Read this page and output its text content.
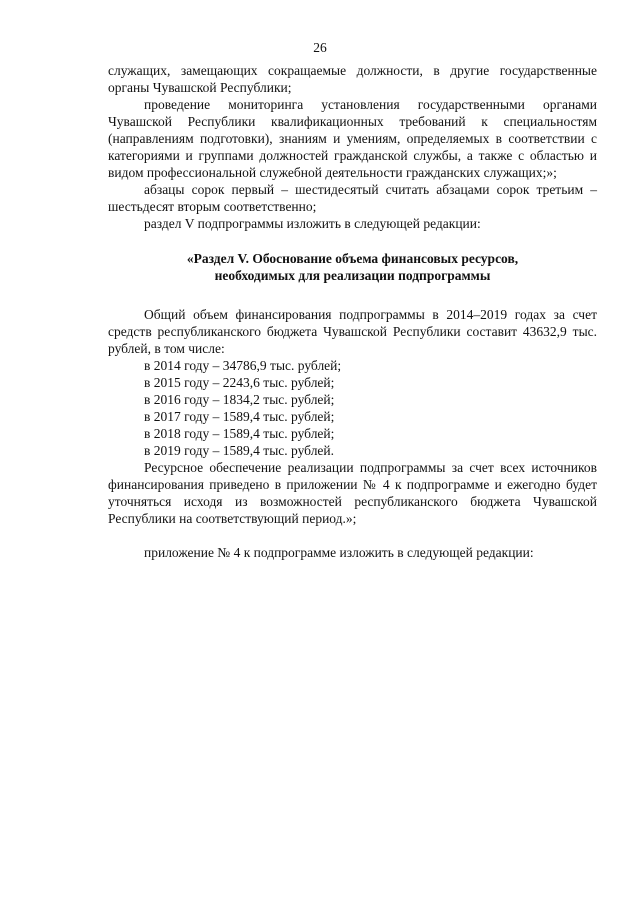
26

служащих, замещающих сокращаемые должности, в другие государственные органы Чувашской Республики;

проведение мониторинга установления государственными органами Чувашской Республики квалификационных требований к специальностям (направлениям подготовки), знаниям и умениям, определяемых в соответствии с категориями и группами должностей гражданской службы, а также с областью и видом профессиональной служебной деятельности гражданских служащих;»;

абзацы сорок первый – шестидесятый считать абзацами сорок третьим – шестьдесят вторым соответственно;

раздел V подпрограммы изложить в следующей редакции:

«Раздел V. Обоснование объема финансовых ресурсов,
необходимых для реализации подпрограммы

Общий объем финансирования подпрограммы в 2014–2019 годах за счет средств республиканского бюджета Чувашской Республики составит 43632,9 тыс. рублей, в том числе:

в 2014 году – 34786,9 тыс. рублей;
в 2015 году – 2243,6 тыс. рублей;
в 2016 году – 1834,2 тыс. рублей;
в 2017 году – 1589,4 тыс. рублей;
в 2018 году – 1589,4 тыс. рублей;
в 2019 году – 1589,4 тыс. рублей.

Ресурсное обеспечение реализации подпрограммы за счет всех источников финансирования приведено в приложении № 4 к подпрограмме и ежегодно будет уточняться исходя из возможностей республиканского бюджета Чувашской Республики на соответствующий период.»;

приложение № 4 к подпрограмме изложить в следующей редакции:
